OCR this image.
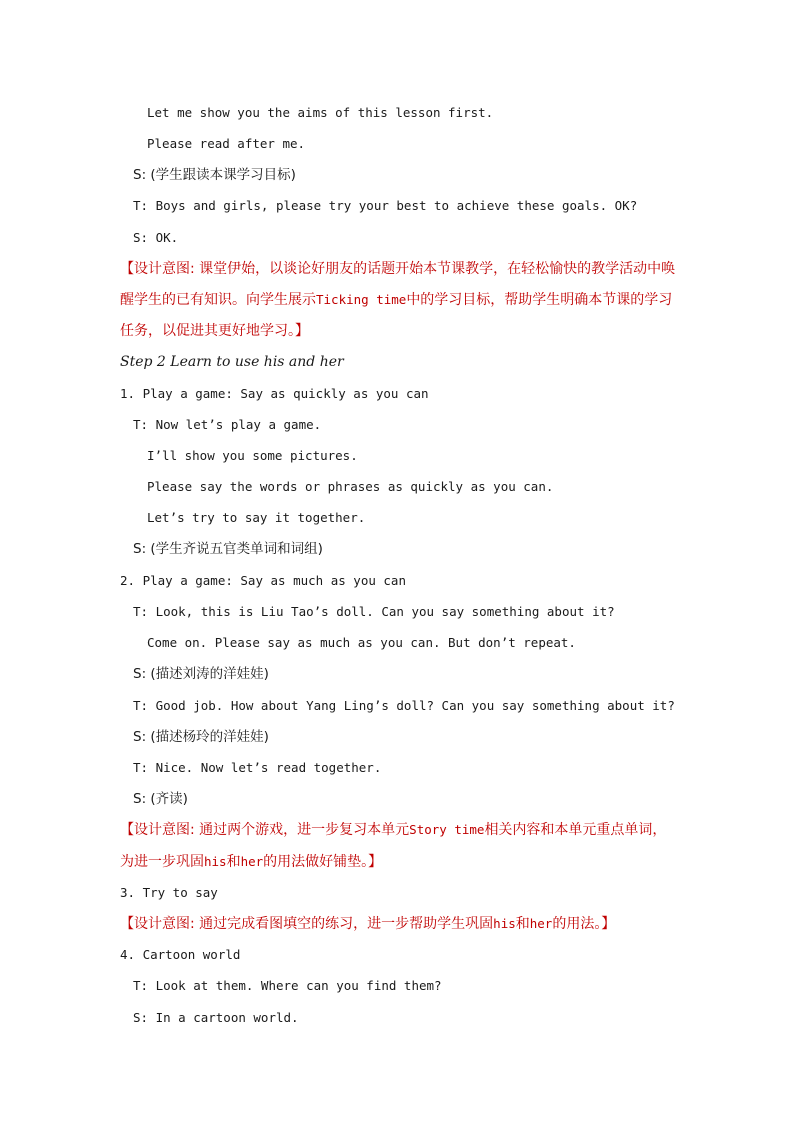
Let me show you the aims of this lesson first.
Please read after me.
S: (学生跟读本课学习目标)
T: Boys and girls, please try your best to achieve these goals. OK?
S: OK.
【设计意图: 课堂伊始，以谈论好朋友的话题开始本节课教学，在轻松愉快的教学活动中唤
醒学生的已有知识。向学生展示Ticking time中的学习目标，帮助学生明确本节课的学习
任务，以促进其更好地学习。】
Step 2 Learn to use his and her
1. Play a game: Say as quickly as you can
T: Now let’s play a game.
I’ll show you some pictures.
Please say the words or phrases as quickly as you can.
Let’s try to say it together.
S: (学生齐说五官类单词和词组)
2. Play a game: Say as much as you can
T: Look, this is Liu Tao’s doll. Can you say something about it?
Come on. Please say as much as you can. But don’t repeat.
S: (描述刘涛的洋娃娃)
T: Good job. How about Yang Ling’s doll? Can you say something about it?
S: (描述杨玲的洋娃娃)
T: Nice. Now let’s read together.
S: (齐读)
【设计意图: 通过两个游戏，进一步复习本单元Story time相关内容和本单元重点单词，
为进一步巩固his和her的用法做好铺垫。】
3. Try to say
【设计意图: 通过完成看图填空的练习，进一步帮助学生巩固his和her的用法。】
4. Cartoon world
T: Look at them. Where can you find them?
S: In a cartoon world.
